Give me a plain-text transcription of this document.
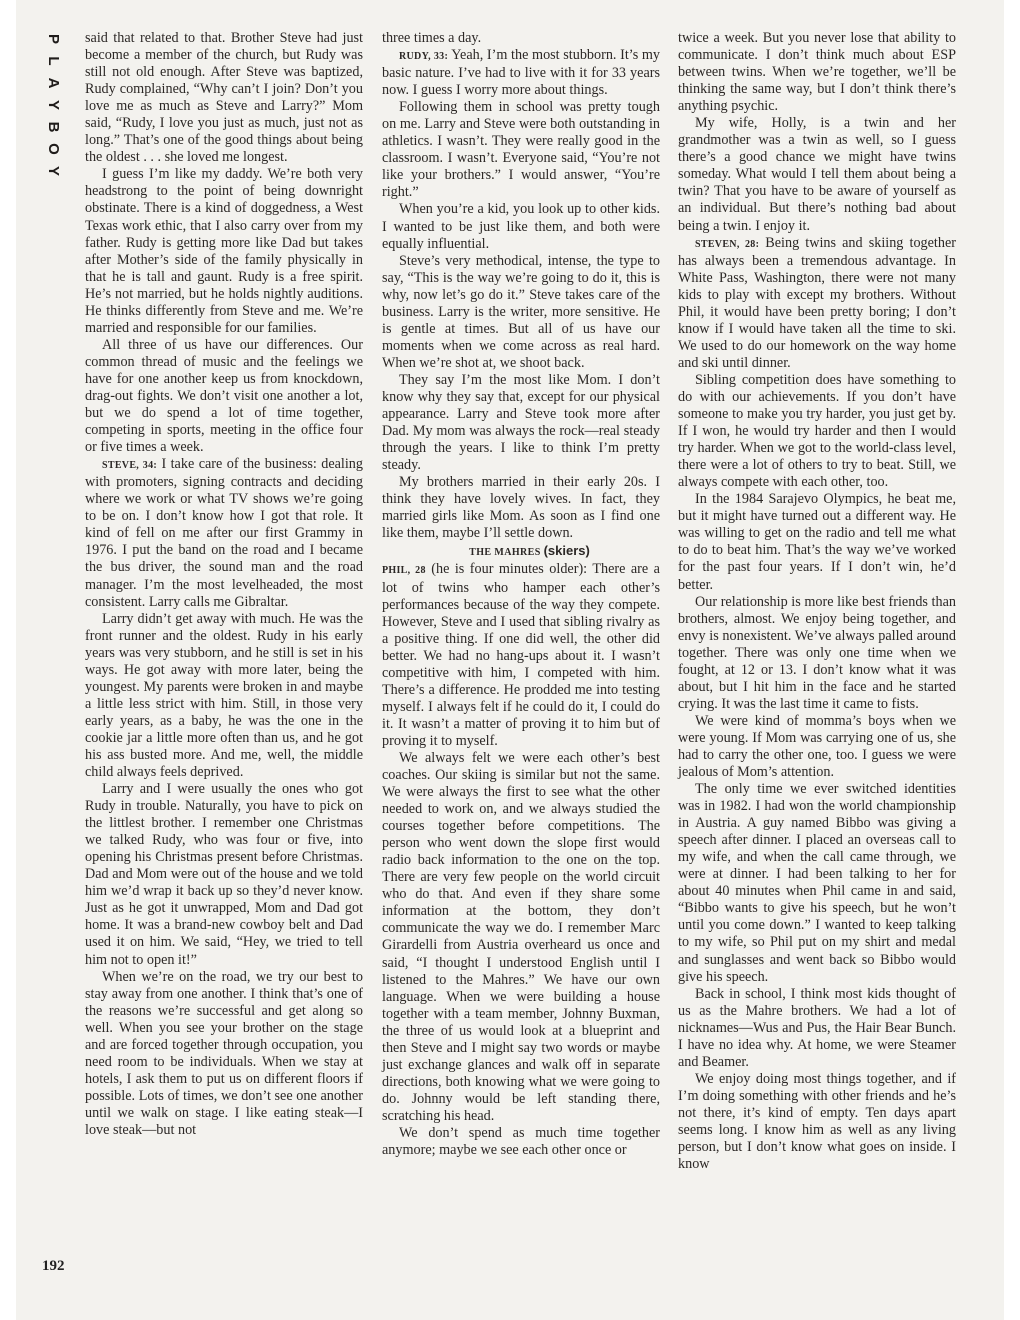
P
L
A
Y
B
O
Y

said that related to that. Brother Steve had just become a member of the church, but Rudy was still not old enough. After Steve was baptized, Rudy complained, “Why can’t I join? Don’t you love me as much as Steve and Larry?” Mom said, “Rudy, I love you just as much, just not as long.” That’s one of the good things about being the oldest . . . she loved me longest.

I guess I’m like my daddy. We’re both very headstrong to the point of being downright obstinate. There is a kind of doggedness, a West Texas work ethic, that I also carry over from my father. Rudy is getting more like Dad but takes after Mother’s side of the family physically in that he is tall and gaunt. Rudy is a free spirit. He’s not married, but he holds nightly auditions. He thinks differently from Steve and me. We’re married and responsible for our families.

All three of us have our differences. Our common thread of music and the feelings we have for one another keep us from knockdown, drag-out fights. We don’t visit one another a lot, but we do spend a lot of time together, competing in sports, meeting in the office four or five times a week.

STEVE, 34: I take care of the business: dealing with promoters, signing contracts and deciding where we work or what TV shows we’re going to be on. I don’t know how I got that role. It kind of fell on me after our first Grammy in 1976. I put the band on the road and I became the bus driver, the sound man and the road manager. I’m the most levelheaded, the most consistent. Larry calls me Gibraltar.

Larry didn’t get away with much. He was the front runner and the oldest. Rudy in his early years was very stubborn, and he still is set in his ways. He got away with more later, being the youngest. My parents were broken in and maybe a little less strict with him. Still, in those very early years, as a baby, he was the one in the cookie jar a little more often than us, and he got his ass busted more. And me, well, the middle child always feels deprived.

Larry and I were usually the ones who got Rudy in trouble. Naturally, you have to pick on the littlest brother. I remember one Christmas we talked Rudy, who was four or five, into opening his Christmas present before Christmas. Dad and Mom were out of the house and we told him we’d wrap it back up so they’d never know. Just as he got it unwrapped, Mom and Dad got home. It was a brand-new cowboy belt and Dad used it on him. We said, “Hey, we tried to tell him not to open it!”

When we’re on the road, we try our best to stay away from one another. I think that’s one of the reasons we’re successful and get along so well. When you see your brother on the stage and are forced together through occupation, you need room to be individuals. When we stay at hotels, I ask them to put us on different floors if possible. Lots of times, we don’t see one another until we walk on stage. I like eating steak—I love steak—but not

three times a day.

RUDY, 33: Yeah, I’m the most stubborn. It’s my basic nature. I’ve had to live with it for 33 years now. I guess I worry more about things.

Following them in school was pretty tough on me. Larry and Steve were both outstanding in athletics. I wasn’t. They were really good in the classroom. I wasn’t. Everyone said, “You’re not like your brothers.” I would answer, “You’re right.”

When you’re a kid, you look up to other kids. I wanted to be just like them, and both were equally influential.

Steve’s very methodical, intense, the type to say, “This is the way we’re going to do it, this is why, now let’s go do it.” Steve takes care of the business. Larry is the writer, more sensitive. He is gentle at times. But all of us have our moments when we come across as real hard. When we’re shot at, we shoot back.

They say I’m the most like Mom. I don’t know why they say that, except for our physical appearance. Larry and Steve took more after Dad. My mom was always the rock—real steady through the years. I like to think I’m pretty steady.

My brothers married in their early 20s. I think they have lovely wives. In fact, they married girls like Mom. As soon as I find one like them, maybe I’ll settle down.

THE MAHRES (skiers)

PHIL, 28 (he is four minutes older): There are a lot of twins who hamper each other’s performances because of the way they compete. However, Steve and I used that sibling rivalry as a positive thing. If one did well, the other did better. We had no hang-ups about it. I wasn’t competitive with him, I competed with him. There’s a difference. He prodded me into testing myself. I always felt if he could do it, I could do it. It wasn’t a matter of proving it to him but of proving it to myself.

We always felt we were each other’s best coaches. Our skiing is similar but not the same. We were always the first to see what the other needed to work on, and we always studied the courses together before competitions. The person who went down the slope first would radio back information to the one on the top. There are very few people on the world circuit who do that. And even if they share some information at the bottom, they don’t communicate the way we do. I remember Marc Girardelli from Austria overheard us once and said, “I thought I understood English until I listened to the Mahres.” We have our own language. When we were building a house together with a team member, Johnny Buxman, the three of us would look at a blueprint and then Steve and I might say two words or maybe just exchange glances and walk off in separate directions, both knowing what we were going to do. Johnny would be left standing there, scratching his head.

We don’t spend as much time together anymore; maybe we see each other once or

twice a week. But you never lose that ability to communicate. I don’t think much about ESP between twins. When we’re together, we’ll be thinking the same way, but I don’t think there’s anything psychic.

My wife, Holly, is a twin and her grandmother was a twin as well, so I guess there’s a good chance we might have twins someday. What would I tell them about being a twin? That you have to be aware of yourself as an individual. But there’s nothing bad about being a twin. I enjoy it.

STEVEN, 28: Being twins and skiing together has always been a tremendous advantage. In White Pass, Washington, there were not many kids to play with except my brothers. Without Phil, it would have been pretty boring; I don’t know if I would have taken all the time to ski. We used to do our homework on the way home and ski until dinner.

Sibling competition does have something to do with our achievements. If you don’t have someone to make you try harder, you just get by. If I won, he would try harder and then I would try harder. When we got to the world-class level, there were a lot of others to try to beat. Still, we always compete with each other, too.

In the 1984 Sarajevo Olympics, he beat me, but it might have turned out a different way. He was willing to get on the radio and tell me what to do to beat him. That’s the way we’ve worked for the past four years. If I don’t win, he’d better.

Our relationship is more like best friends than brothers, almost. We enjoy being together, and envy is nonexistent. We’ve always palled around together. There was only one time when we fought, at 12 or 13. I don’t know what it was about, but I hit him in the face and he started crying. It was the last time it came to fists.

We were kind of momma’s boys when we were young. If Mom was carrying one of us, she had to carry the other one, too. I guess we were jealous of Mom’s attention.

The only time we ever switched identities was in 1982. I had won the world championship in Austria. A guy named Bibbo was giving a speech after dinner. I placed an overseas call to my wife, and when the call came through, we were at dinner. I had been talking to her for about 40 minutes when Phil came in and said, “Bibbo wants to give his speech, but he won’t until you come down.” I wanted to keep talking to my wife, so Phil put on my shirt and medal and sunglasses and went back so Bibbo would give his speech.

Back in school, I think most kids thought of us as the Mahre brothers. We had a lot of nicknames—Wus and Pus, the Hair Bear Bunch. I have no idea why. At home, we were Steamer and Beamer.

We enjoy doing most things together, and if I’m doing something with other friends and he’s not there, it’s kind of empty. Ten days apart seems long. I know him as well as any living person, but I don’t know what goes on inside. I know

192
